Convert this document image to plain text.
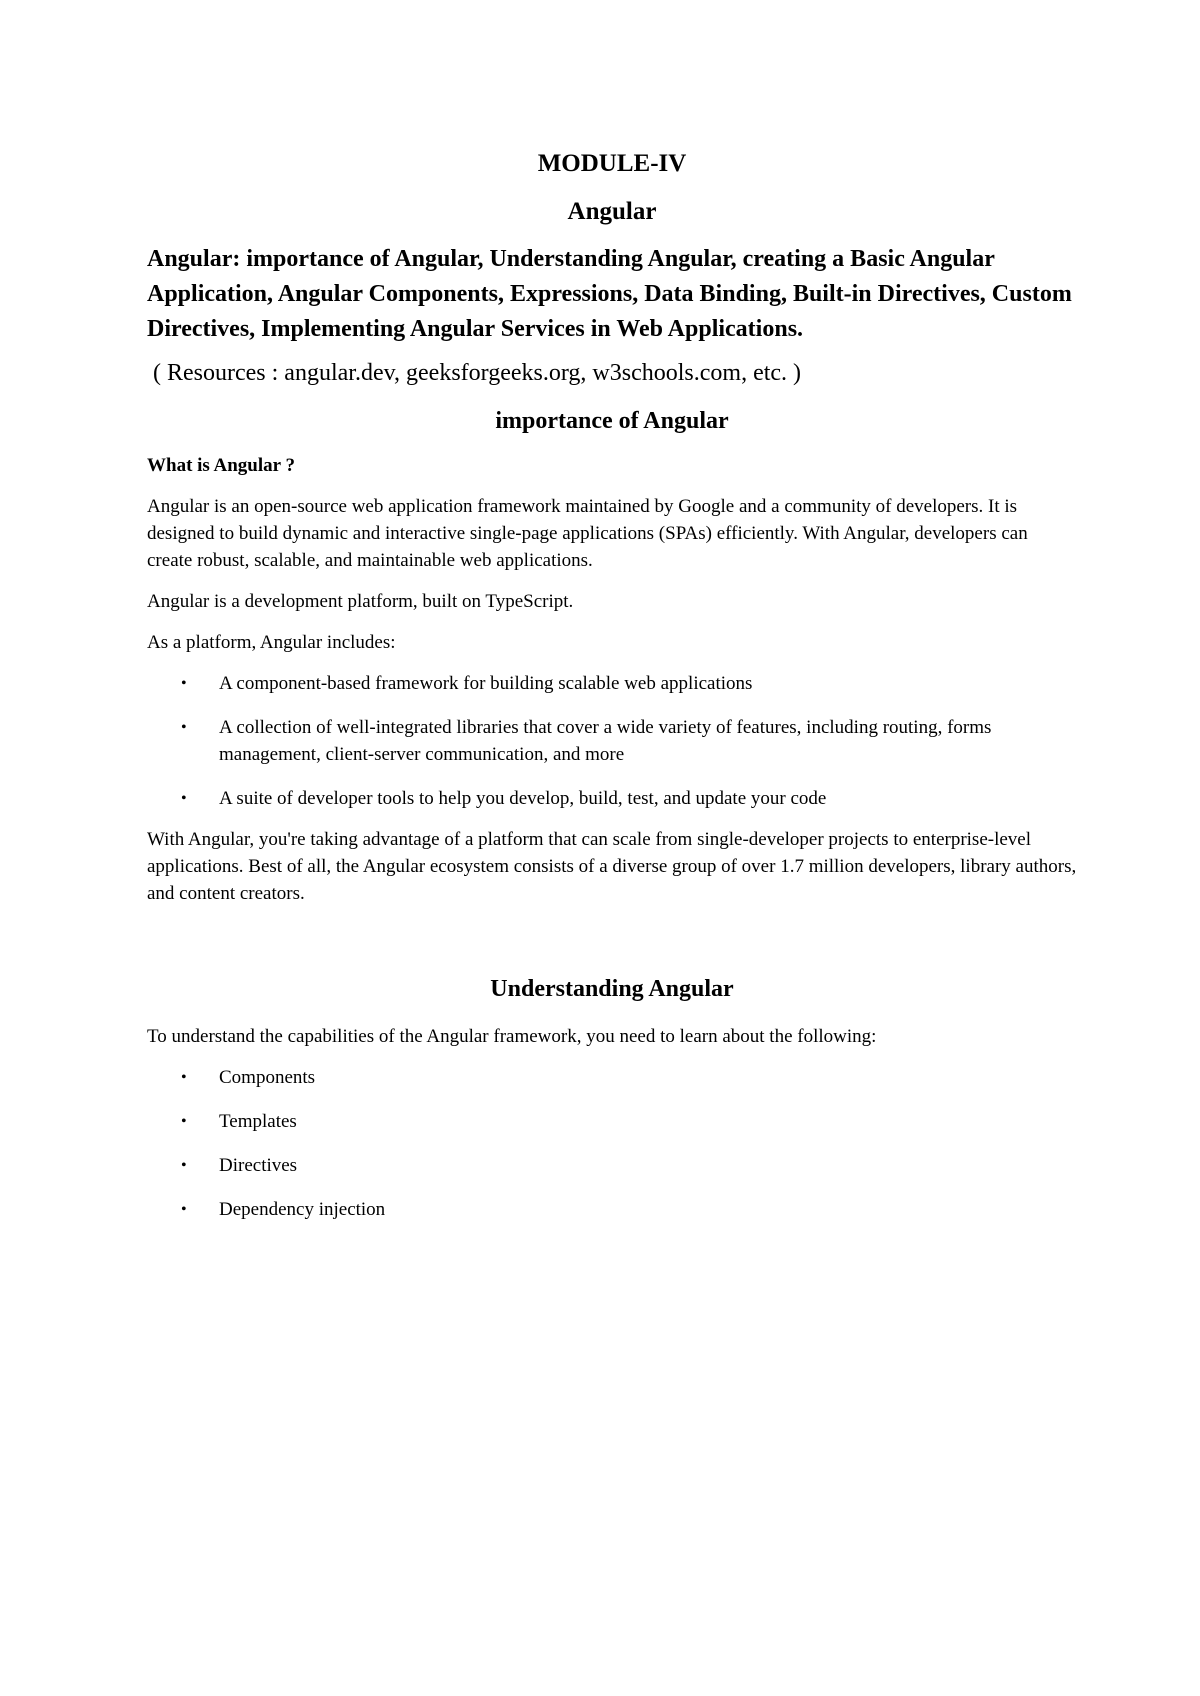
MODULE-IV
Angular

Angular: importance of Angular, Understanding Angular, creating a Basic Angular Application, Angular Components, Expressions, Data Binding, Built-in Directives, Custom Directives, Implementing Angular Services in Web Applications.

( Resources : angular.dev, geeksforgeeks.org, w3schools.com, etc. )

importance of Angular

What is Angular ?

Angular is an open-source web application framework maintained by Google and a community of developers. It is designed to build dynamic and interactive single-page applications (SPAs) efficiently. With Angular, developers can create robust, scalable, and maintainable web applications.

Angular is a development platform, built on TypeScript.

As a platform, Angular includes:

• A component-based framework for building scalable web applications
• A collection of well-integrated libraries that cover a wide variety of features, including routing, forms management, client-server communication, and more
• A suite of developer tools to help you develop, build, test, and update your code

With Angular, you're taking advantage of a platform that can scale from single-developer projects to enterprise-level applications. Best of all, the Angular ecosystem consists of a diverse group of over 1.7 million developers, library authors, and content creators.

Understanding Angular

To understand the capabilities of the Angular framework, you need to learn about the following:

• Components
• Templates
• Directives
• Dependency injection
